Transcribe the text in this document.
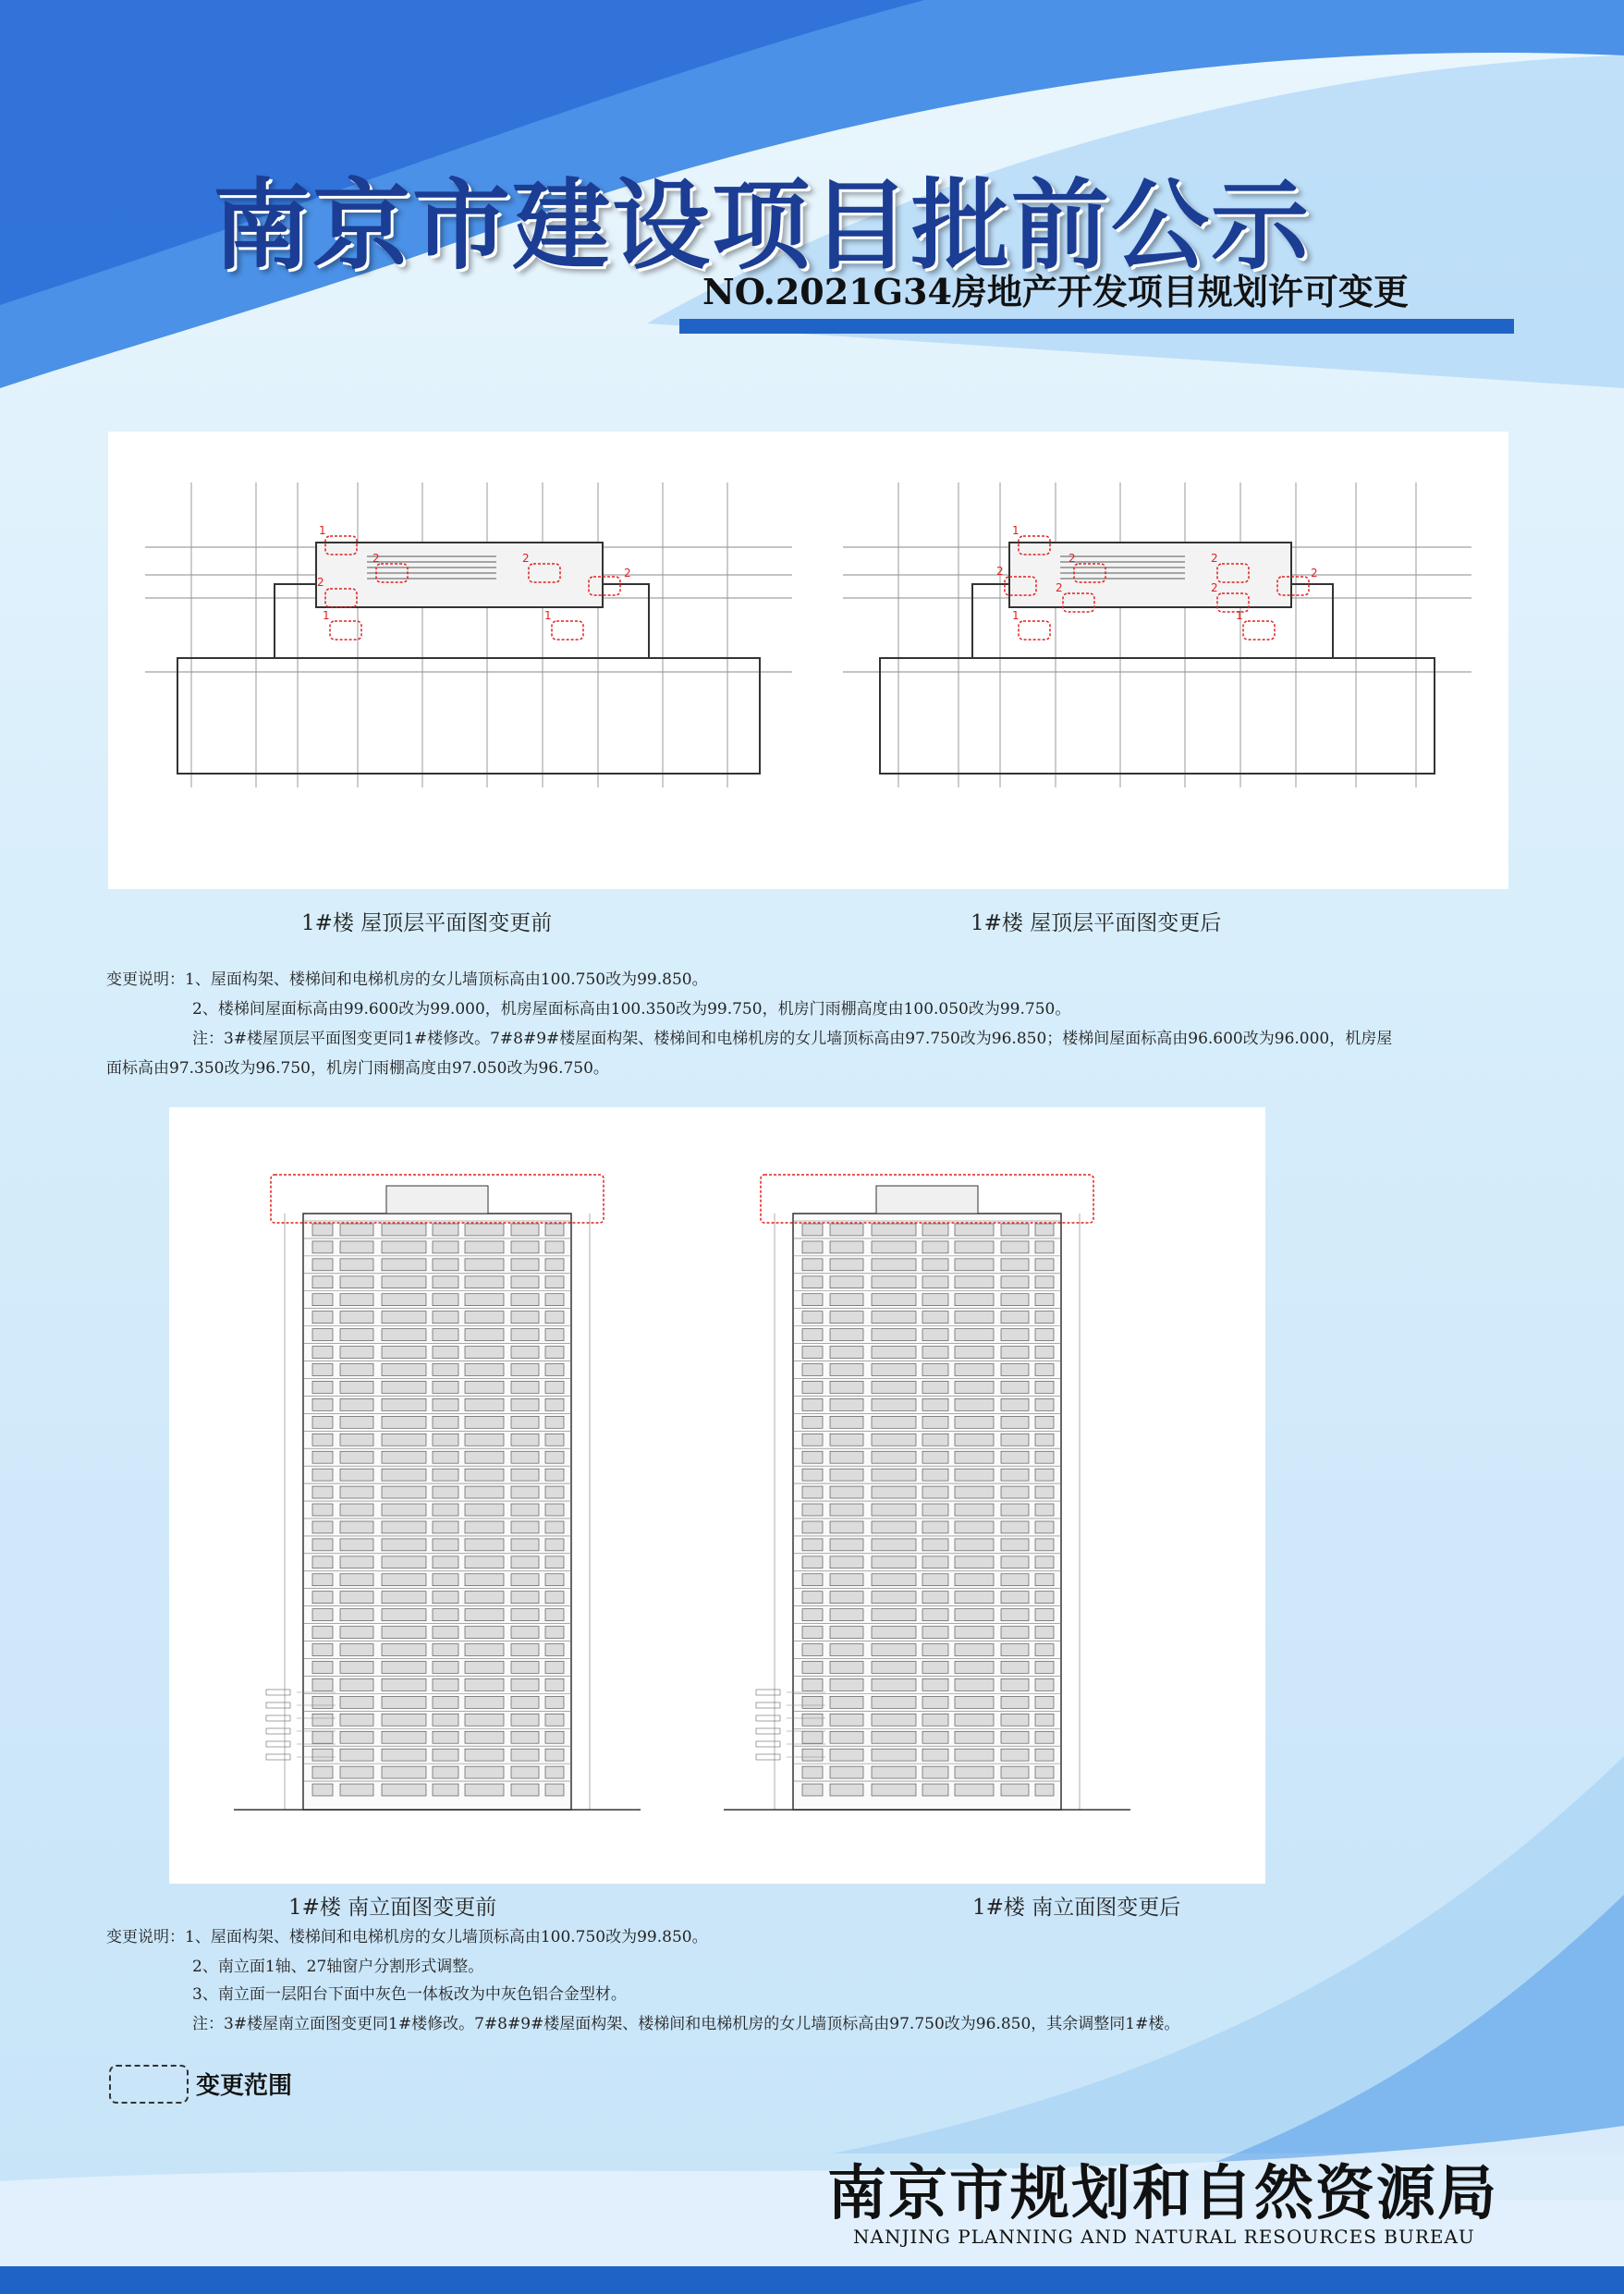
南京市建设项目批前公示
NO.2021G34房地产开发项目规划许可变更
1
2
2
2
2
1
1
1
2
2
2
2
2
2
1
1
1#楼 屋顶层平面图变更前	1#楼 屋顶层平面图变更后
变更说明：1、屋面构架、楼梯间和电梯机房的女儿墙顶标高由100.750改为99.850。
2、楼梯间屋面标高由99.600改为99.000，机房屋面标高由100.350改为99.750，机房门雨棚高度由100.050改为99.750。
注：3#楼屋顶层平面图变更同1#楼修改。7#8#9#楼屋面构架、楼梯间和电梯机房的女儿墙顶标高由97.750改为96.850；楼梯间屋面标高由96.600改为96.000，机房屋
面标高由97.350改为96.750，机房门雨棚高度由97.050改为96.750。
1#楼 南立面图变更前	1#楼 南立面图变更后
变更说明：1、屋面构架、楼梯间和电梯机房的女儿墙顶标高由100.750改为99.850。
2、南立面1轴、27轴窗户分割形式调整。
3、南立面一层阳台下面中灰色一体板改为中灰色铝合金型材。
注：3#楼屋南立面图变更同1#楼修改。7#8#9#楼屋面构架、楼梯间和电梯机房的女儿墙顶标高由97.750改为96.850，其余调整同1#楼。
变更范围
南京市规划和自然资源局
NANJING PLANNING AND NATURAL RESOURCES BUREAU
